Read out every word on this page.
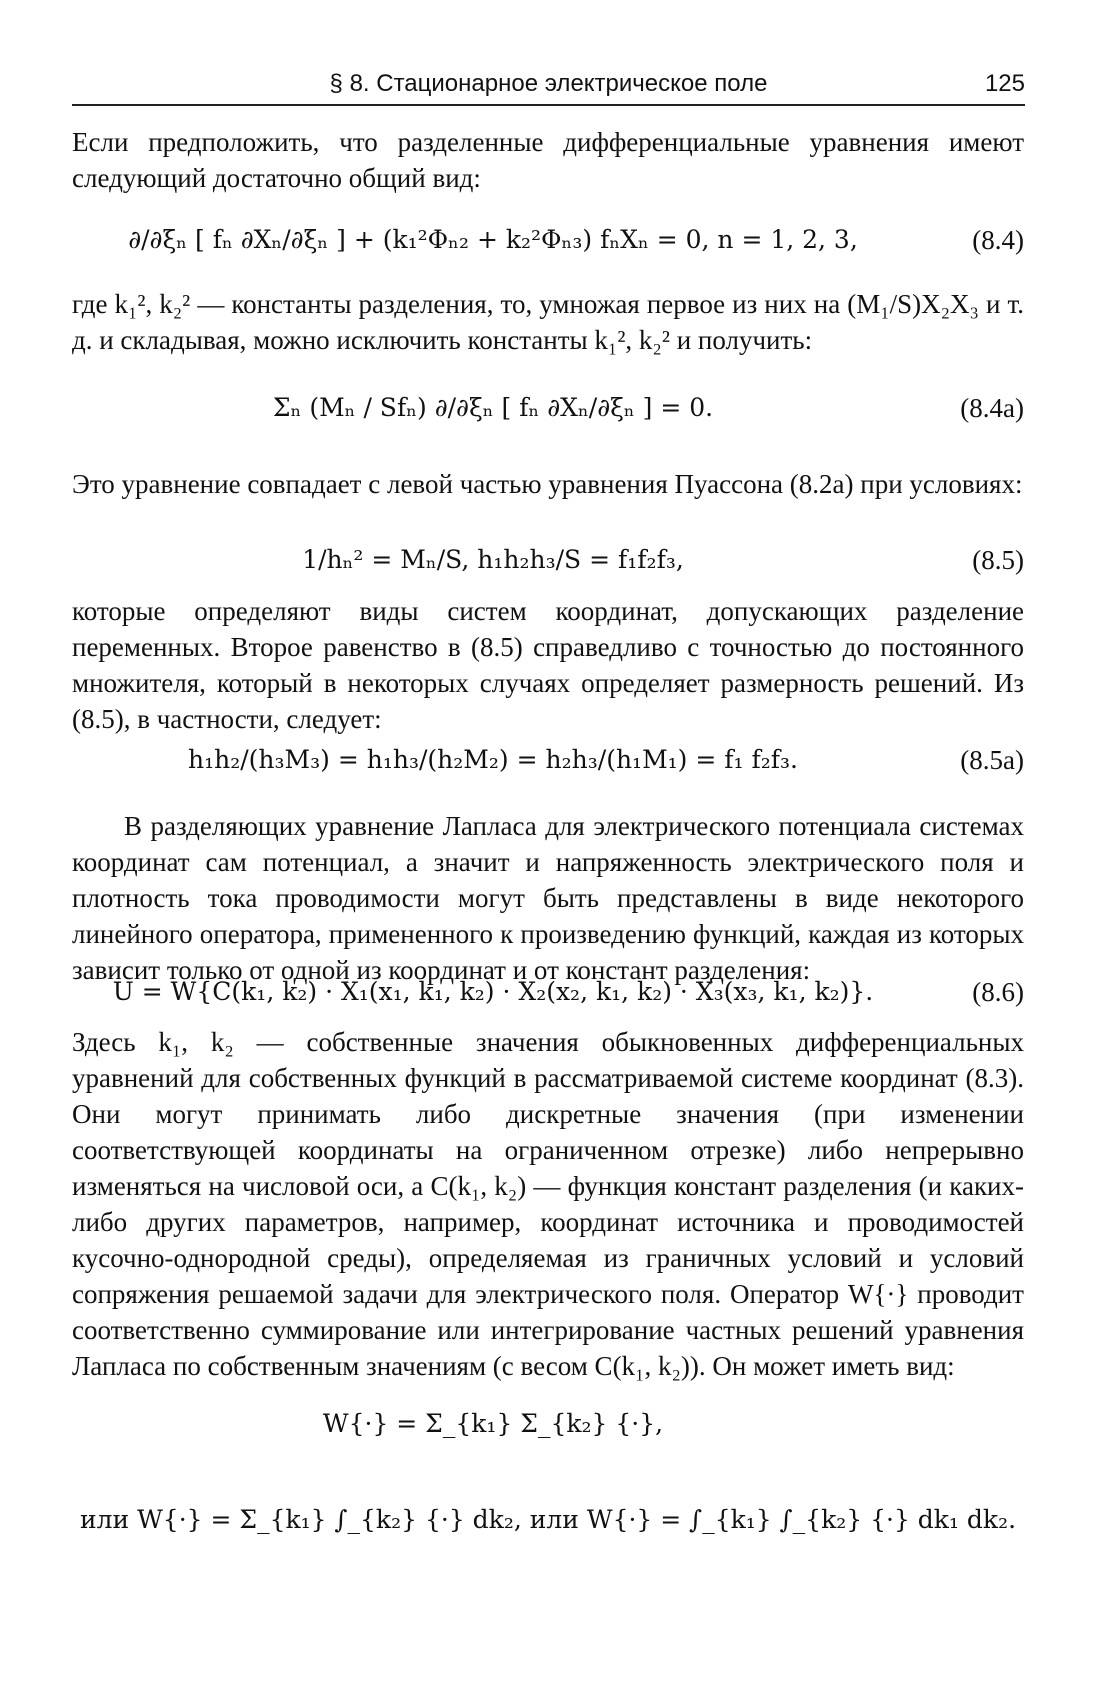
§ 8. Стационарное электрическое поле	125
Если предположить, что разделенные дифференциальные уравнения имеют следующий достаточно общий вид:
∂/∂ξₙ [ fₙ ∂Xₙ/∂ξₙ ] + (k₁²Φₙ₂ + k₂²Φₙ₃) fₙXₙ = 0, n = 1, 2, 3,	(8.4)
где k₁², k₂² — константы разделения, то, умножая первое из них на (M₁/S)X₂X₃ и т. д. и складывая, можно исключить константы k₁², k₂² и получить:
Σₙ (Mₙ / Sfₙ) ∂/∂ξₙ [ fₙ ∂Xₙ/∂ξₙ ] = 0.	(8.4а)
Это уравнение совпадает с левой частью уравнения Пуассона (8.2а) при условиях:
1/hₙ² = Mₙ/S, h₁h₂h₃/S = f₁f₂f₃,	(8.5)
которые определяют виды систем координат, допускающих разделение переменных. Второе равенство в (8.5) справедливо с точностью до постоянного множителя, который в некоторых случаях определяет размерность решений. Из (8.5), в частности, следует:
h₁h₂/(h₃M₃) = h₁h₃/(h₂M₂) = h₂h₃/(h₁M₁) = f₁ f₂f₃.	(8.5а)
В разделяющих уравнение Лапласа для электрического потенциала системах координат сам потенциал, а значит и напряженность электрического поля и плотность тока проводимости могут быть представлены в виде некоторого линейного оператора, примененного к произведению функций, каждая из которых зависит только от одной из координат и от констант разделения:
U = W{C(k₁, k₂) · X₁(x₁, k₁, k₂) · X₂(x₂, k₁, k₂) · X₃(x₃, k₁, k₂)}.	(8.6)
Здесь k₁, k₂ — собственные значения обыкновенных дифференциальных уравнений для собственных функций в рассматриваемой системе координат (8.3). Они могут принимать либо дискретные значения (при изменении соответствующей координаты на ограниченном отрезке) либо непрерывно изменяться на числовой оси, а C(k₁, k₂) — функция констант разделения (и каких-либо других параметров, например, координат источника и проводимостей кусочно-однородной среды), определяемая из граничных условий и условий сопряжения решаемой задачи для электрического поля. Оператор W{·} проводит соответственно суммирование или интегрирование частных решений уравнения Лапласа по собственным значениям (с весом C(k₁, k₂)). Он может иметь вид:
W{·} = Σ_{k₁} Σ_{k₂} {·},
или W{·} = Σ_{k₁} ∫_{k₂} {·} dk₂, или W{·} = ∫_{k₁} ∫_{k₂} {·} dk₁ dk₂.
